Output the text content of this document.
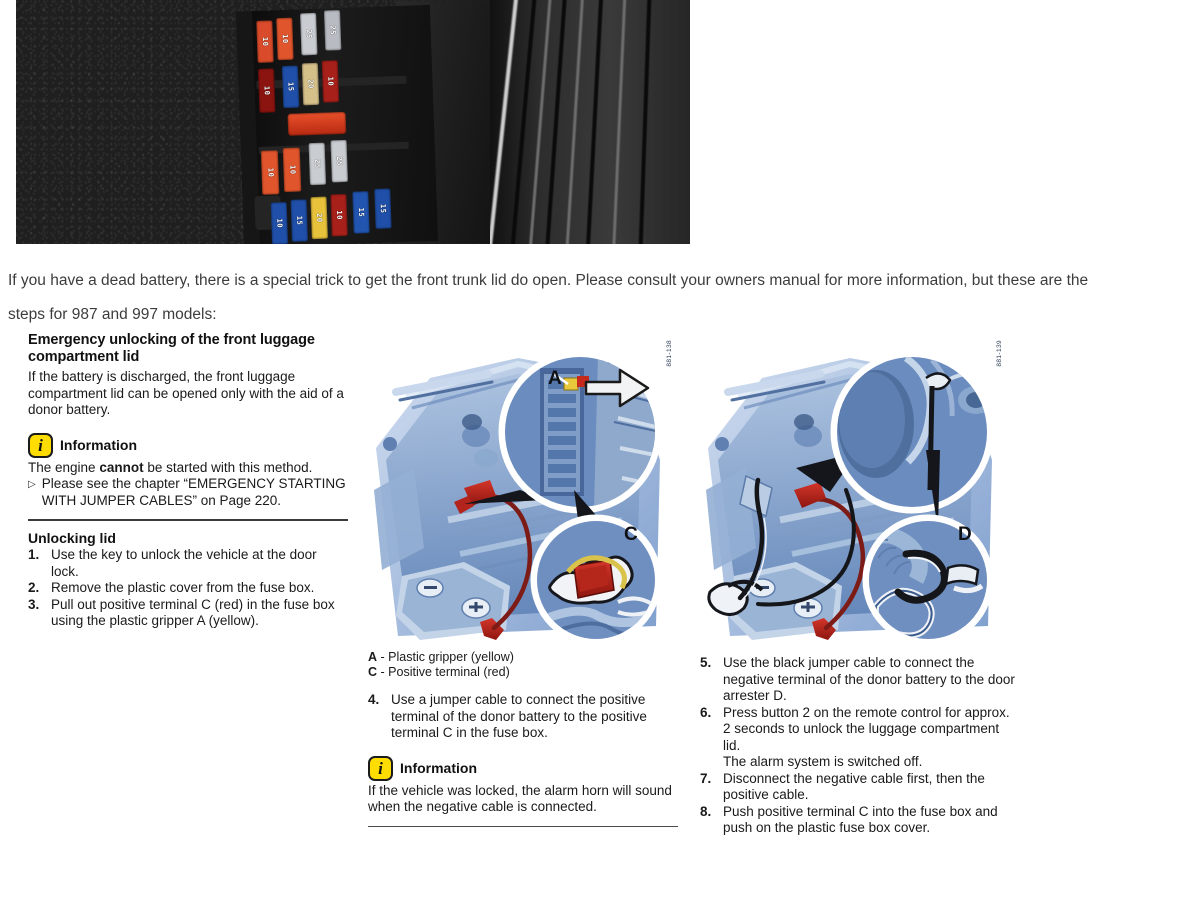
10 10 25 25
10 15 20 10
10 10
25 25
10 15 20 10 15 15

If you have a dead battery, there is a special trick to get the front trunk lid do open. Please consult your owners manual for more information, but these are the steps for 987 and 997 models:

Emergency unlocking of the front luggage compartment lid

If the battery is discharged, the front luggage compartment lid can be opened only with the aid of a donor battery.

i	Information

The engine cannot be started with this method.

▷ Please see the chapter “EMERGENCY STARTING WITH JUMPER CABLES” on Page 220.
Unlocking lid
1. Use the key to unlock the vehicle at the door lock.
2. Remove the plastic cover from the fuse box.
3. Pull out positive terminal C (red) in the fuse box using the plastic gripper A (yellow).
A - Plastic gripper (yellow)
C - Positive terminal (red)
4. Use a jumper cable to connect the positive terminal of the donor battery to the positive terminal C in the fuse box.
i	Information

If the vehicle was locked, the alarm horn will sound when the negative cable is connected.

5. Use the black jumper cable to connect the negative terminal of the donor battery to the door arrester D.
6. Press button 2 on the remote control for approx. 2 seconds to unlock the luggage compartment lid.
The alarm system is switched off.
7. Disconnect the negative cable first, then the positive cable.
8. Push positive terminal C into the fuse box and push on the plastic fuse box cover.
A
C
881-138
D
881-139
